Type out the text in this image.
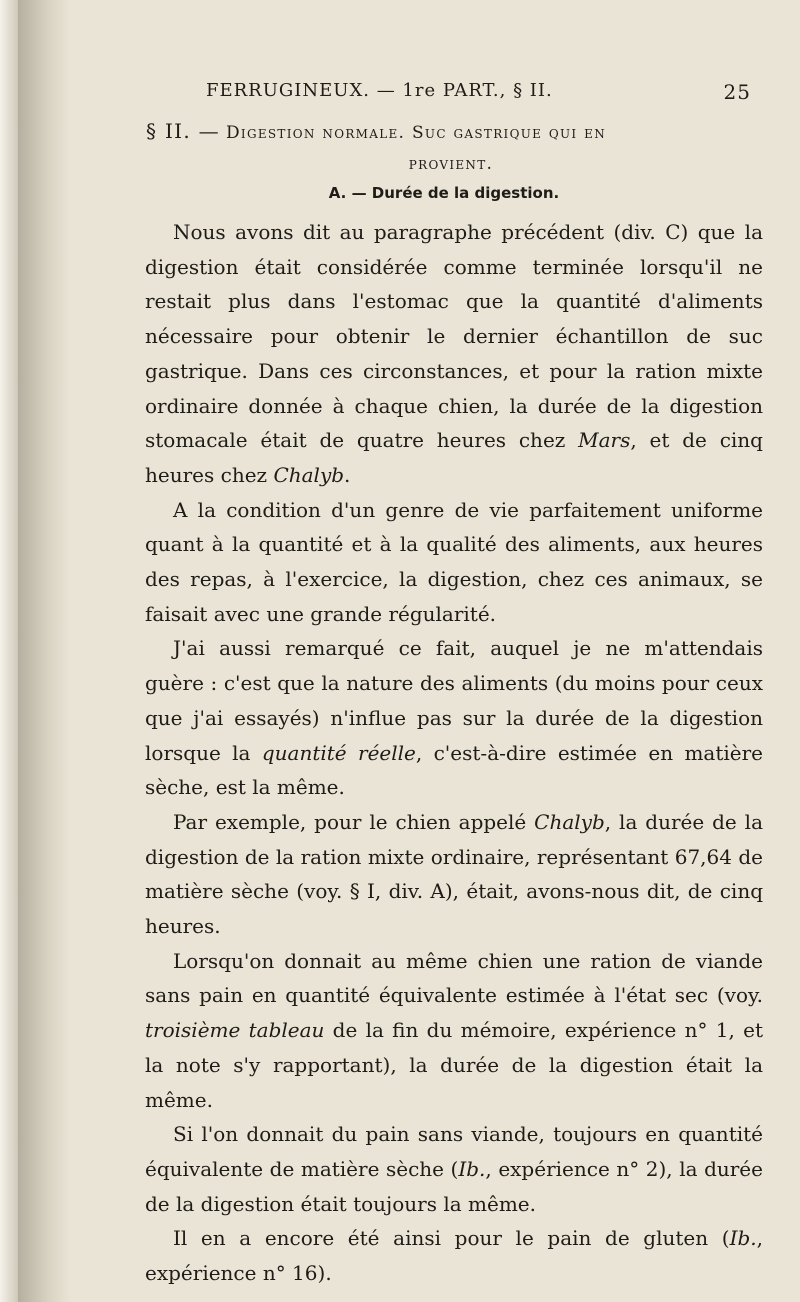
FERRUGINEUX. — 1re PART., § II.	25
§ II. — Digestion normale. Suc gastrique qui en
provient.
A. — Durée de la digestion.

Nous avons dit au paragraphe précédent (div. C) que la digestion était considérée comme terminée lorsqu'il ne restait plus dans l'estomac que la quantité d'aliments nécessaire pour obtenir le dernier échantillon de suc gastrique. Dans ces circonstances, et pour la ration mixte ordinaire donnée à chaque chien, la durée de la digestion stomacale était de quatre heures chez Mars, et de cinq heures chez Chalyb.

A la condition d'un genre de vie parfaitement uniforme quant à la quantité et à la qualité des aliments, aux heures des repas, à l'exercice, la digestion, chez ces animaux, se faisait avec une grande régularité.

J'ai aussi remarqué ce fait, auquel je ne m'attendais guère : c'est que la nature des aliments (du moins pour ceux que j'ai essayés) n'influe pas sur la durée de la digestion lorsque la quantité réelle, c'est-à-dire estimée en matière sèche, est la même.

Par exemple, pour le chien appelé Chalyb, la durée de la digestion de la ration mixte ordinaire, représentant 67,64 de matière sèche (voy. § I, div. A), était, avons-nous dit, de cinq heures.

Lorsqu'on donnait au même chien une ration de viande sans pain en quantité équivalente estimée à l'état sec (voy. troisième tableau de la fin du mémoire, expérience n° 1, et la note s'y rapportant), la durée de la digestion était la même.

Si l'on donnait du pain sans viande, toujours en quantité équivalente de matière sèche (Ib., expérience n° 2), la durée de la digestion était toujours la même.

Il en a encore été ainsi pour le pain de gluten (Ib., expérience n° 16).
